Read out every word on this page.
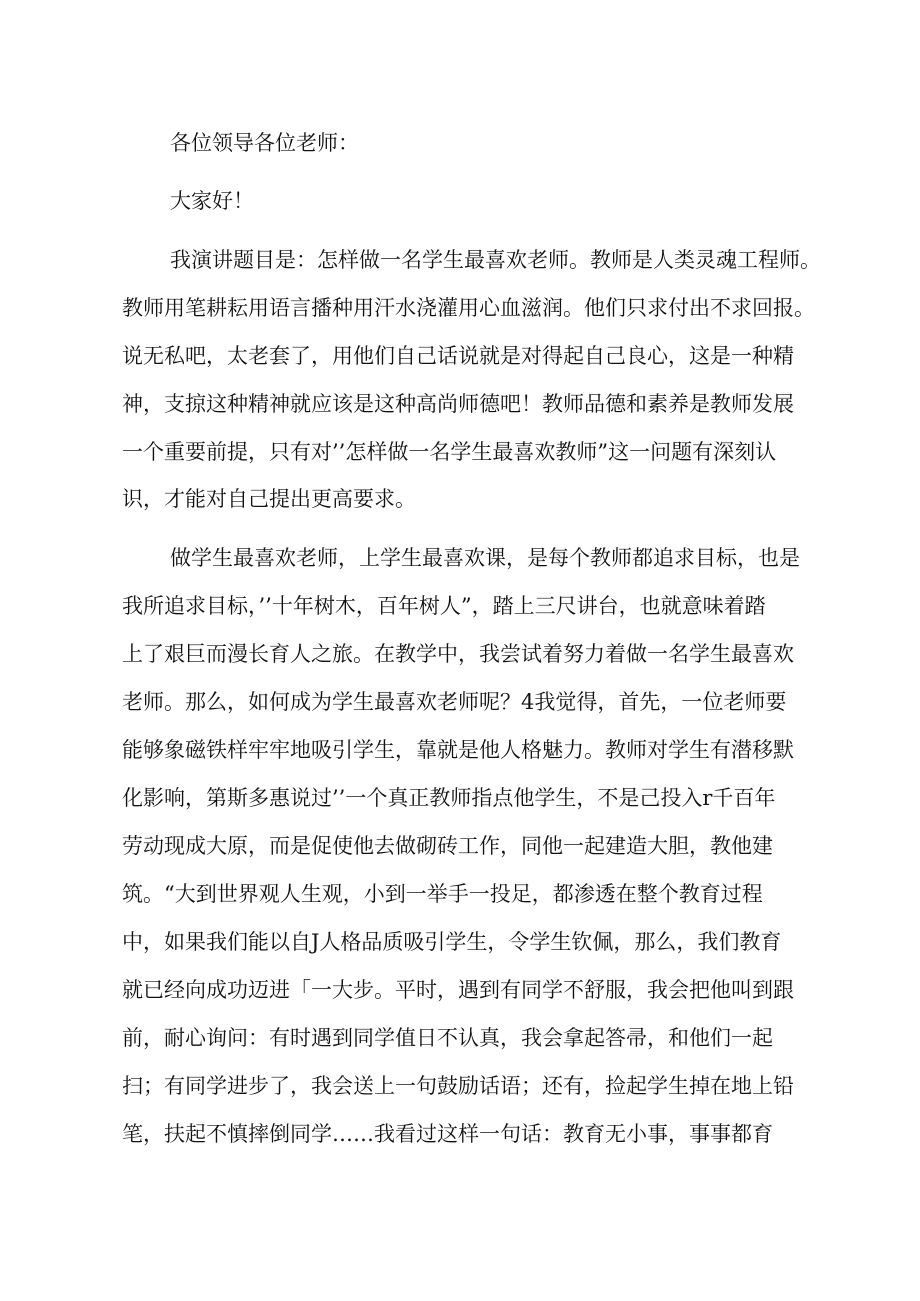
各位领导各位老师：
大家好！
我演讲题目是：怎样做一名学生最喜欢老师。教师是人类灵魂工程师。
教师用笔耕耘用语言播种用汗水浇灌用心血滋润。他们只求付出不求回报。
说无私吧，太老套了，用他们自己话说就是对得起自己良心，这是一种精
神，支掠这种精神就应该是这种高尚师德吧！教师品德和素养是教师发展
一个重要前提，只有对’’怎样做一名学生最喜欢教师”这一问题有深刻认
识，才能对自己提出更高要求。
做学生最喜欢老师，上学生最喜欢课，是每个教师都追求目标，也是
我所追求目标，’’十年树木，百年树人”，踏上三尺讲台，也就意味着踏
上了艰巨而漫长育人之旅。在教学中，我尝试着努力着做一名学生最喜欢
老师。那么，如何成为学生最喜欢老师呢？4我觉得，首先，一位老师要
能够象磁铁样牢牢地吸引学生，靠就是他人格魅力。教师对学生有潜移默
化影响，第斯多惠说过’’一个真正教师指点他学生，不是己投入r千百年
劳动现成大原，而是促使他去做砌砖工作，同他一起建造大胆，教他建
筑。“大到世界观人生观，小到一举手一投足，都渗透在整个教育过程
中，如果我们能以自J人格品质吸引学生，令学生钦佩，那么，我们教育
就已经向成功迈进「一大步。平时，遇到有同学不舒服，我会把他叫到跟
前，耐心询问：有时遇到同学值日不认真，我会拿起答帚，和他们一起
扫；有同学进步了，我会送上一句鼓励话语；还有，捡起学生掉在地上铅
笔，扶起不慎摔倒同学……我看过这样一句话：教育无小事，事事都育
